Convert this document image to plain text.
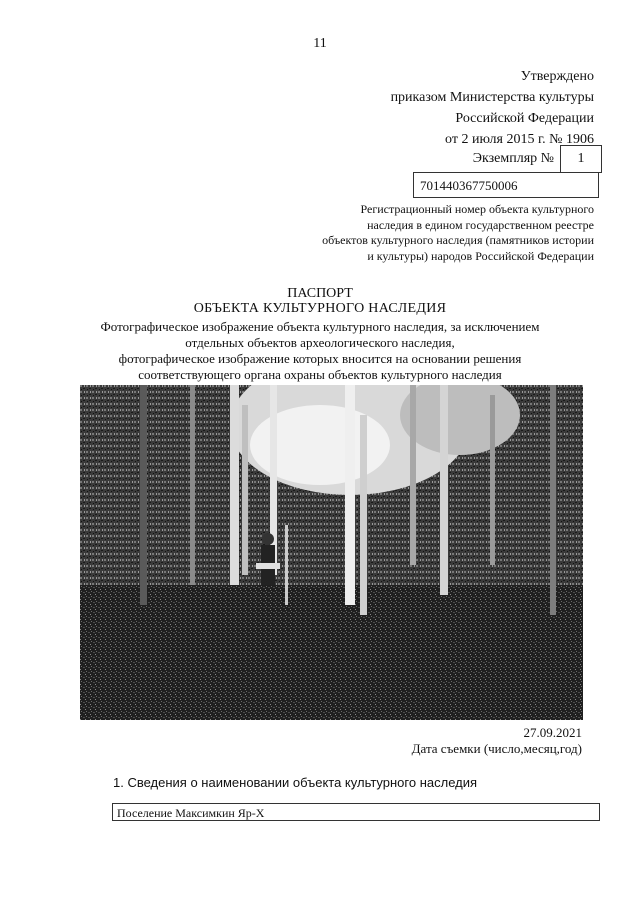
11
Утверждено
приказом Министерства культуры
Российской Федерации
от 2 июля 2015 г. № 1906
Экземпляр №	1
701440367750006
Регистрационный номер объекта культурного
наследия в едином государственном реестре
объектов культурного наследия (памятников истории
и культуры) народов Российской Федерации
ПАСПОРТ
ОБЪЕКТА КУЛЬТУРНОГО НАСЛЕДИЯ
Фотографическое изображение объекта культурного наследия, за исключением
отдельных объектов археологического наследия,
фотографическое изображение которых вносится на основании решения
соответствующего органа охраны объектов культурного наследия
27.09.2021
Дата съемки (число,месяц,год)
1. Сведения о наименовании объекта культурного наследия
Поселение Максимкин Яр-Х
